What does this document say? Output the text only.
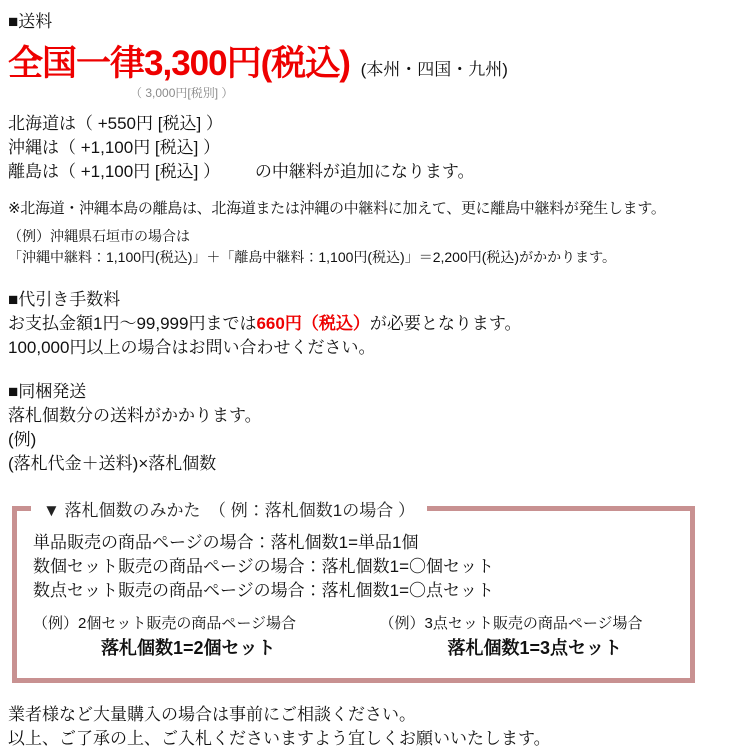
■送料
全国一律3,300円(税込) (本州・四国・九州)
（ 3,000円[税別] ）
北海道は（ +550円 [税込] ）
沖縄は（ +1,100円 [税込] ）
離島は（ +1,100円 [税込] ） の中継料が追加になります。
※北海道・沖縄本島の離島は、北海道または沖縄の中継料に加えて、更に離島中継料が発生します。
（例）沖縄県石垣市の場合は
「沖縄中継料：1,100円(税込)」＋「離島中継料：1,100円(税込)」＝2,200円(税込)がかかります。
■代引き手数料
お支払金額1円～99,999円までは660円（税込）が必要となります。
100,000円以上の場合はお問い合わせください。
■同梱発送
落札個数分の送料がかかります。
(例)
(落札代金＋送料)×落札個数
▼ 落札個数のみかた　（ 例：落札個数1の場合 ）
単品販売の商品ページの場合：落札個数1=単品1個
数個セット販売の商品ページの場合：落札個数1=〇個セット
数点セット販売の商品ページの場合：落札個数1=〇点セット
（例）2個セット販売の商品ページ場合
落札個数1=2個セット
（例）3点セット販売の商品ページ場合
落札個数1=3点セット
業者様など大量購入の場合は事前にご相談ください。
以上、ご了承の上、ご入札くださいますよう宜しくお願いいたします。
